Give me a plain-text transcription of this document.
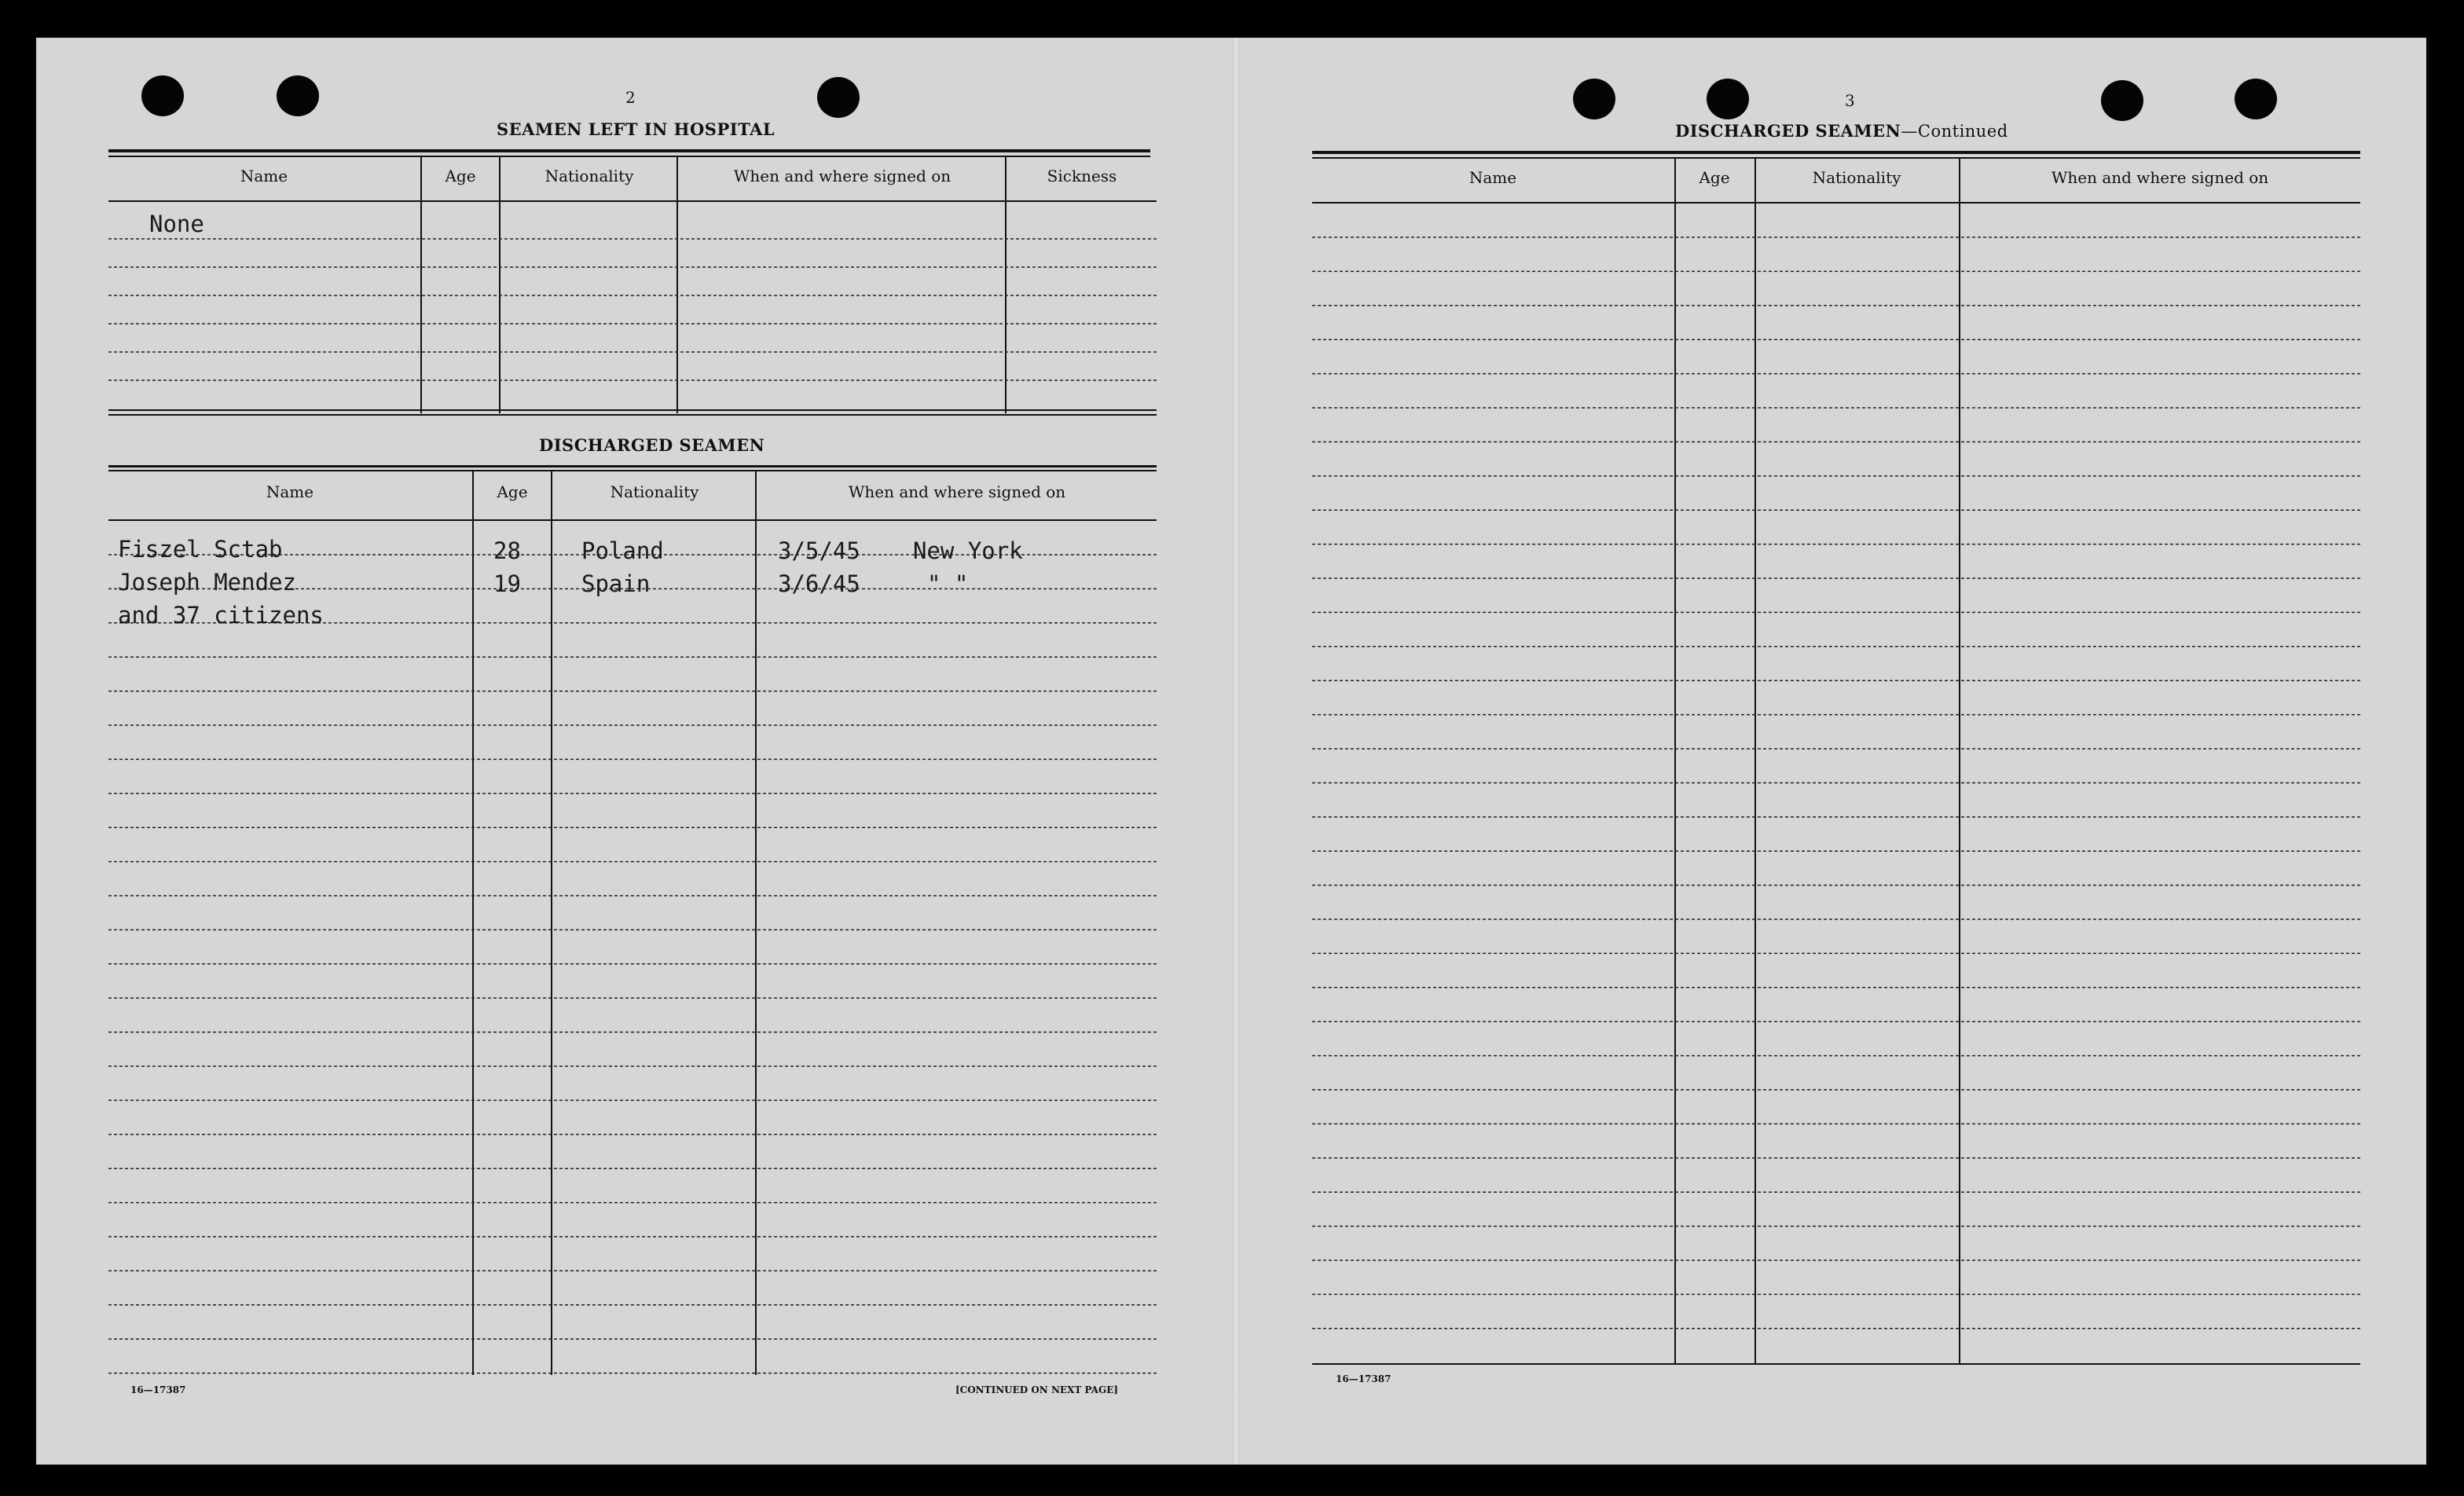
2
SEAMEN LEFT IN HOSPITAL
Name	Age	Nationality	When and where signed on	Sickness
None
DISCHARGED SEAMEN
Name	Age	Nationality	When and where signed on
Fiszel Sctab	28	Poland	3/5/45 New York
Joseph Mendez	19	Spain	3/6/45	" "
and 37 citizens
16—17387	[CONTINUED ON NEXT PAGE]
3
DISCHARGED SEAMEN—Continued
Name	Age	Nationality	When and where signed on
16—17387
